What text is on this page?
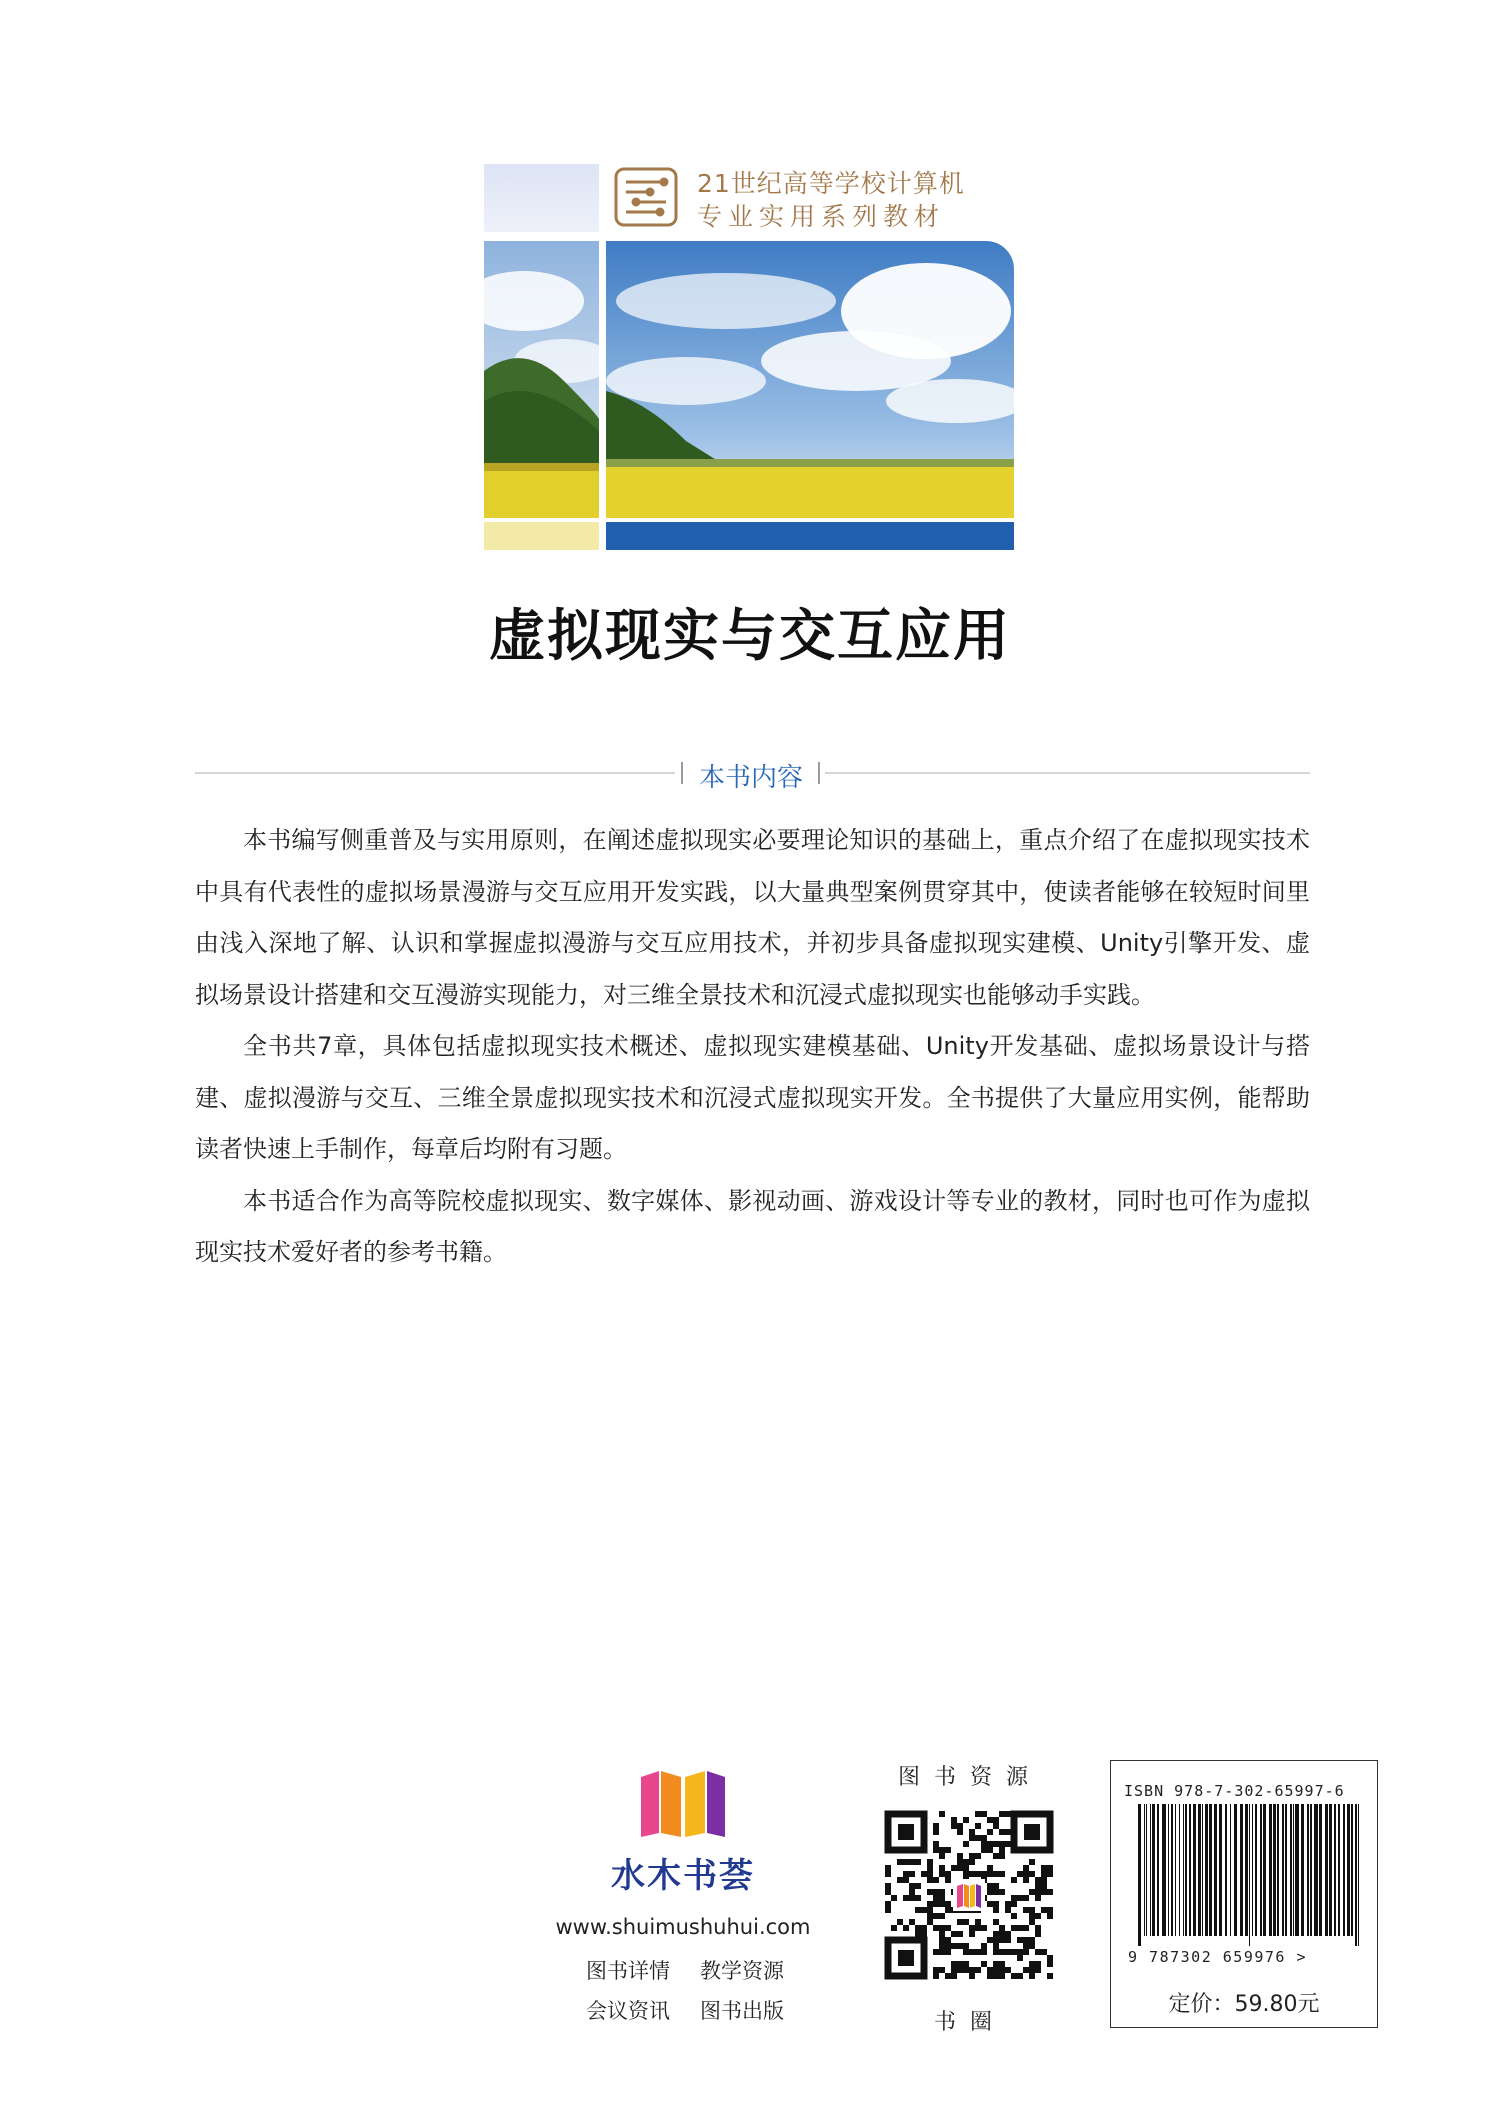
21世纪高等学校计算机
专业实用系列教材
虚拟现实与交互应用
本书内容

本书编写侧重普及与实用原则，在阐述虚拟现实必要理论知识的基础上，重点介绍了在虚拟现实技术中具有代表性的虚拟场景漫游与交互应用开发实践，以大量典型案例贯穿其中，使读者能够在较短时间里由浅入深地了解、认识和掌握虚拟漫游与交互应用技术，并初步具备虚拟现实建模、Unity引擎开发、虚拟场景设计搭建和交互漫游实现能力，对三维全景技术和沉浸式虚拟现实也能够动手实践。

全书共7章，具体包括虚拟现实技术概述、虚拟现实建模基础、Unity开发基础、虚拟场景设计与搭建、虚拟漫游与交互、三维全景虚拟现实技术和沉浸式虚拟现实开发。全书提供了大量应用实例，能帮助读者快速上手制作，每章后均附有习题。

本书适合作为高等院校虚拟现实、数字媒体、影视动画、游戏设计等专业的教材，同时也可作为虚拟现实技术爱好者的参考书籍。

水木书荟
www.shuimushuhui.com
图书详情 教学资源
会议资讯 图书出版
图书资源
书圈
ISBN 978-7-302-65997-6
9 787302 659976 >
定价：59.80元
